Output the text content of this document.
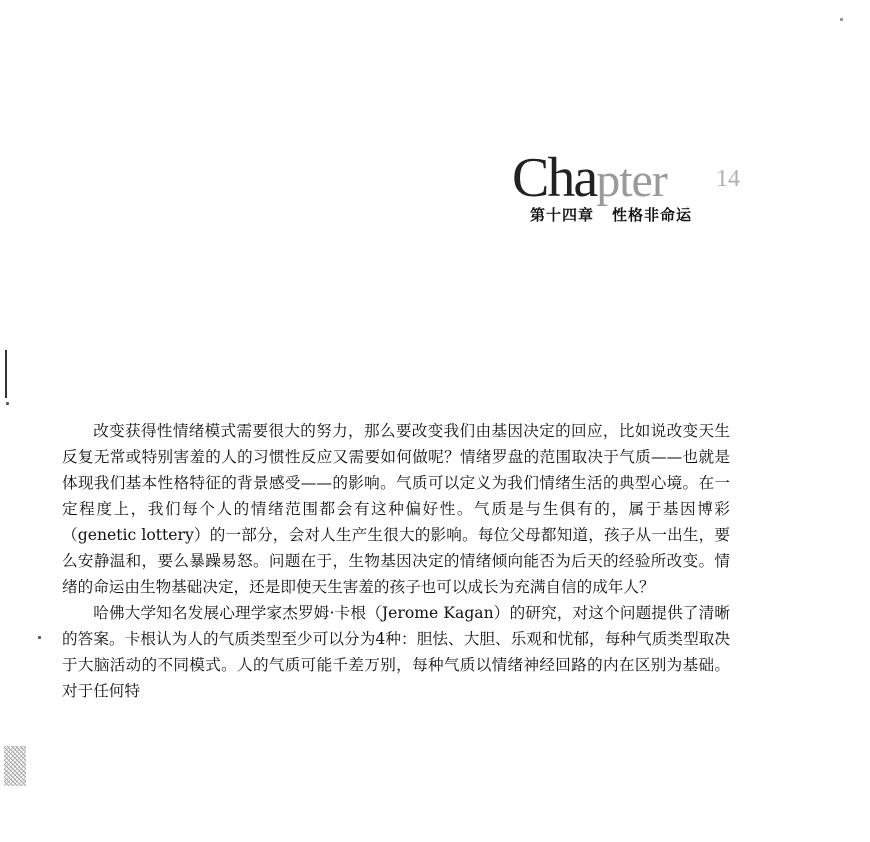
Chapter 14
第十四章 性格非命运

改变获得性情绪模式需要很大的努力，那么要改变我们由基因决定的回应，比如说改变天生反复无常或特别害羞的人的习惯性反应又需要如何做呢？情绪罗盘的范围取决于气质——也就是体现我们基本性格特征的背景感受——的影响。气质可以定义为我们情绪生活的典型心境。在一定程度上，我们每个人的情绪范围都会有这种偏好性。气质是与生俱有的，属于基因博彩（genetic lottery）的一部分，会对人生产生很大的影响。每位父母都知道，孩子从一出生，要么安静温和，要么暴躁易怒。问题在于，生物基因决定的情绪倾向能否为后天的经验所改变。情绪的命运由生物基础决定，还是即使天生害羞的孩子也可以成长为充满自信的成年人？

哈佛大学知名发展心理学家杰罗姆·卡根（Jerome Kagan）的研究，对这个问题提供了清晰的答案。卡根认为人的气质类型至少可以分为4种：胆怯、大胆、乐观和忧郁，每种气质类型取决于大脑活动的不同模式。人的气质可能千差万别，每种气质以情绪神经回路的内在区别为基础。对于任何特
